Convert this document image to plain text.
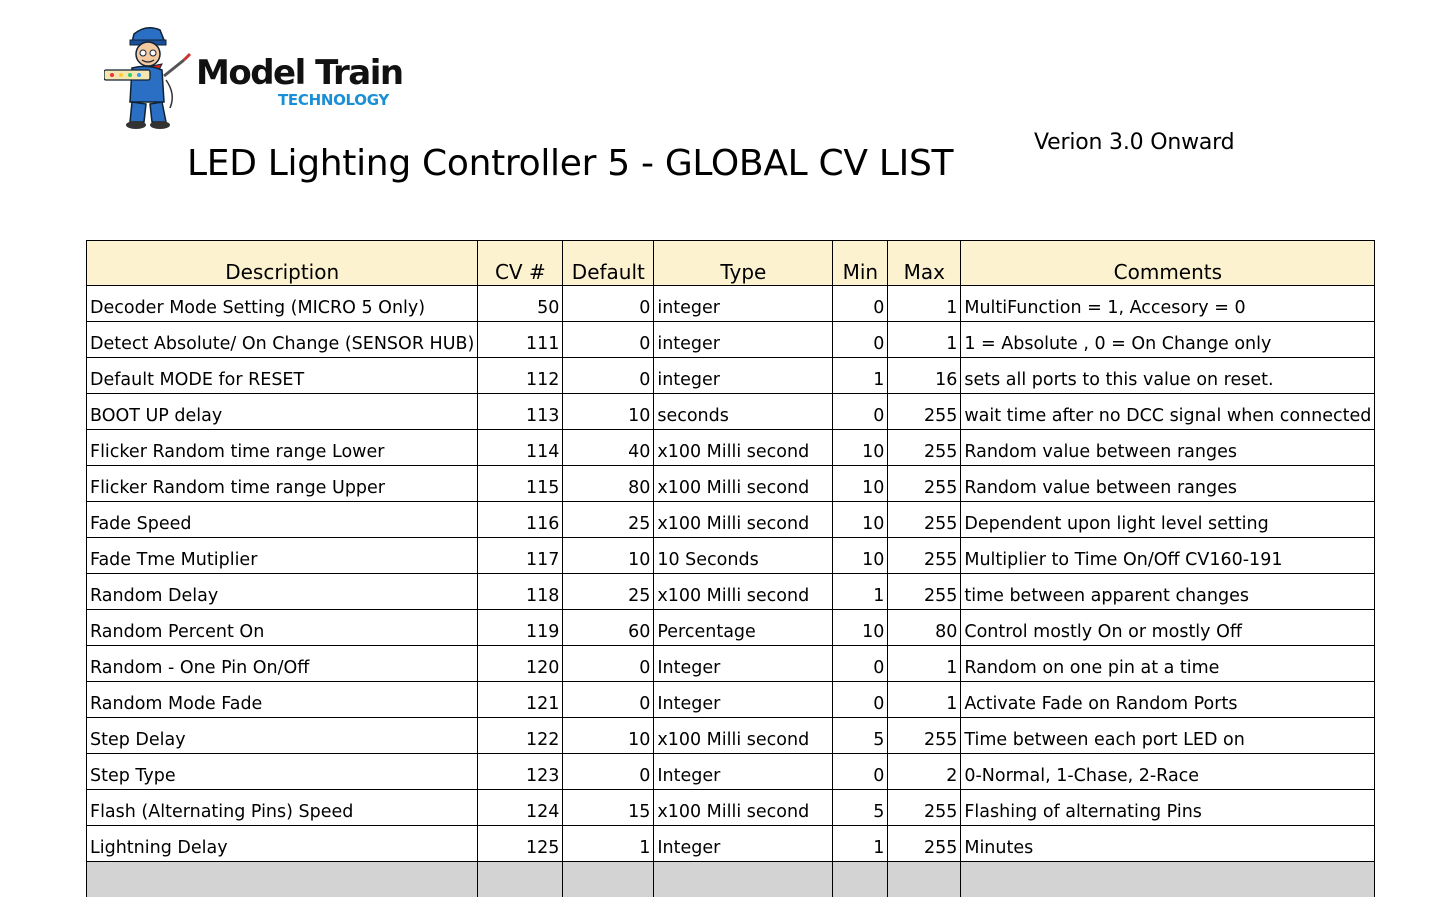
Model Train
TECHNOLOGY
LED Lighting Controller 5 - GLOBAL CV LIST
Verion 3.0 Onward
Description	CV #	Default	Type	Min	Max	Comments
Decoder Mode Setting (MICRO 5 Only)	50	0	integer	0	1	MultiFunction = 1, Accesory = 0
Detect Absolute/ On Change (SENSOR HUB)	111	0	integer	0	1	1 = Absolute , 0 = On Change only
Default MODE for RESET	112	0	integer	1	16	sets all ports to this value on reset.
BOOT UP delay	113	10	seconds	0	255	wait time after no DCC signal when connected
Flicker Random time range Lower	114	40	x100 Milli second	10	255	Random value between ranges
Flicker Random time range Upper	115	80	x100 Milli second	10	255	Random value between ranges
Fade Speed	116	25	x100 Milli second	10	255	Dependent upon light level setting
Fade Tme Mutiplier	117	10	10 Seconds	10	255	Multiplier to Time On/Off CV160-191
Random Delay	118	25	x100 Milli second	1	255	time between apparent changes
Random Percent On	119	60	Percentage	10	80	Control mostly On or mostly Off
Random - One Pin On/Off	120	0	Integer	0	1	Random on one pin at a time
Random Mode Fade	121	0	Integer	0	1	Activate Fade on Random Ports
Step Delay	122	10	x100 Milli second	5	255	Time between each port LED on
Step Type	123	0	Integer	0	2	0-Normal, 1-Chase, 2-Race
Flash (Alternating Pins) Speed	124	15	x100 Milli second	5	255	Flashing of alternating Pins
Lightning Delay	125	1	Integer	1	255	Minutes
